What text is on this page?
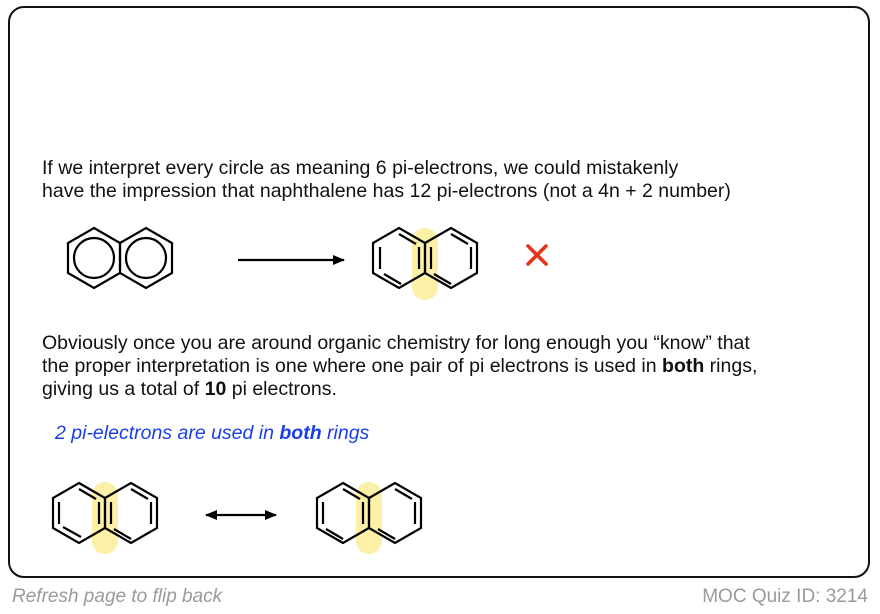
If we interpret every circle as meaning 6 pi-electrons, we could mistakenly
have the impression that naphthalene has 12 pi-electrons (not a 4n + 2 number)

Obviously once you are around organic chemistry for long enough you “know” that
the proper interpretation is one where one pair of pi electrons is used in both rings,
giving us a total of 10 pi electrons.

2 pi-electrons are used in both rings
Refresh page to flip back	MOC Quiz ID: 3214
